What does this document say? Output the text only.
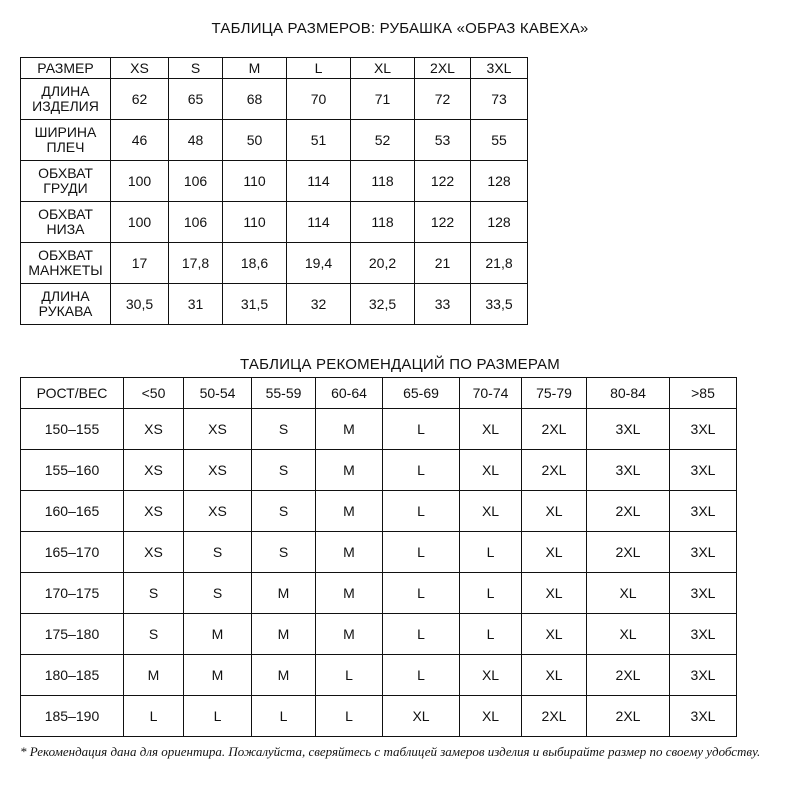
ТАБЛИЦА РАЗМЕРОВ: РУБАШКА «ОБРАЗ КАВЕХА»
РАЗМЕР	XS	S	M	L	XL	2XL	3XL
ДЛИНА
ИЗДЕЛИЯ	62	65	68	70	71	72	73
ШИРИНА
ПЛЕЧ	46	48	50	51	52	53	55
ОБХВАТ
ГРУДИ	100	106	110	114	118	122	128
ОБХВАТ
НИЗА	100	106	110	114	118	122	128
ОБХВАТ
МАНЖЕТЫ	17	17,8	18,6	19,4	20,2	21	21,8
ДЛИНА
РУКАВА	30,5	31	31,5	32	32,5	33	33,5
ТАБЛИЦА РЕКОМЕНДАЦИЙ ПО РАЗМЕРАМ
РОСТ/ВЕС	<50	50-54	55-59	60-64	65-69	70-74	75-79	80-84	>85
150–155	XS	XS	S	M	L	XL	2XL	3XL	3XL
155–160	XS	XS	S	M	L	XL	2XL	3XL	3XL
160–165	XS	XS	S	M	L	XL	XL	2XL	3XL
165–170	XS	S	S	M	L	L	XL	2XL	3XL
170–175	S	S	M	M	L	L	XL	XL	3XL
175–180	S	M	M	M	L	L	XL	XL	3XL
180–185	M	M	M	L	L	XL	XL	2XL	3XL
185–190	L	L	L	L	XL	XL	2XL	2XL	3XL
* Рекомендация дана для ориентира. Пожалуйста, сверяйтесь с таблицей замеров изделия и выбирайте размер по своему удобству.
